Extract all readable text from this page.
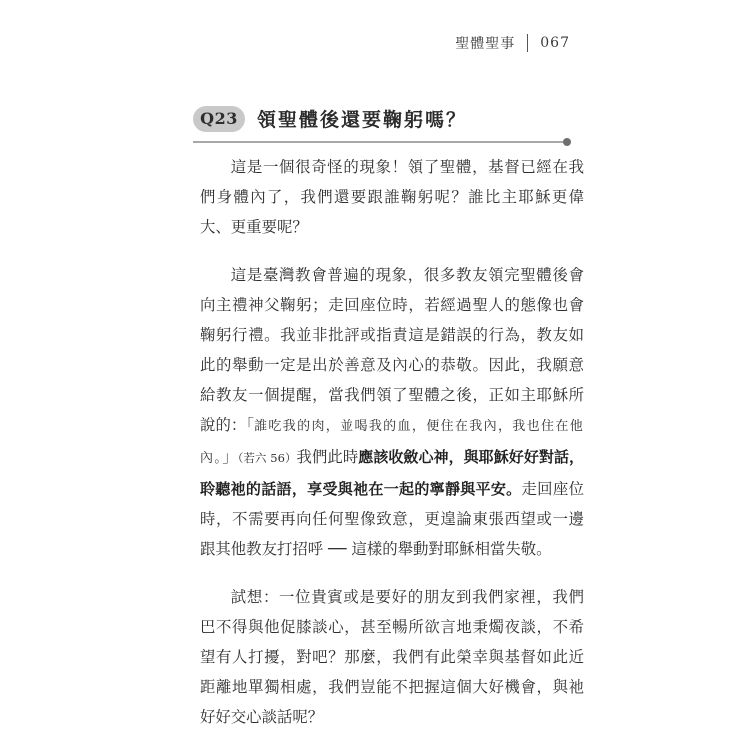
聖體聖事 067
Q23	領聖體後還要鞠躬嗎？

這是一個很奇怪的現象！領了聖體，基督已經在我們身體內了，我們還要跟誰鞠躬呢？誰比主耶穌更偉大、更重要呢？

這是臺灣教會普遍的現象，很多教友領完聖體後會向主禮神父鞠躬；走回座位時，若經過聖人的態像也會鞠躬行禮。我並非批評或指責這是錯誤的行為，教友如此的舉動一定是出於善意及內心的恭敬。因此，我願意給教友一個提醒，當我們領了聖體之後，正如主耶穌所說的：「誰吃我的肉，並喝我的血，便住在我內，我也住在他內。」（若六 56）我們此時應該收斂心神，與耶穌好好對話，聆聽祂的話語，享受與祂在一起的寧靜與平安。走回座位時，不需要再向任何聖像致意，更遑論東張西望或一邊跟其他教友打招呼 ── 這樣的舉動對耶穌相當失敬。

試想：一位貴賓或是要好的朋友到我們家裡，我們巴不得與他促膝談心，甚至暢所欲言地秉燭夜談，不希望有人打擾，對吧？那麼，我們有此榮幸與基督如此近距離地單獨相處，我們豈能不把握這個大好機會，與祂好好交心談話呢？
